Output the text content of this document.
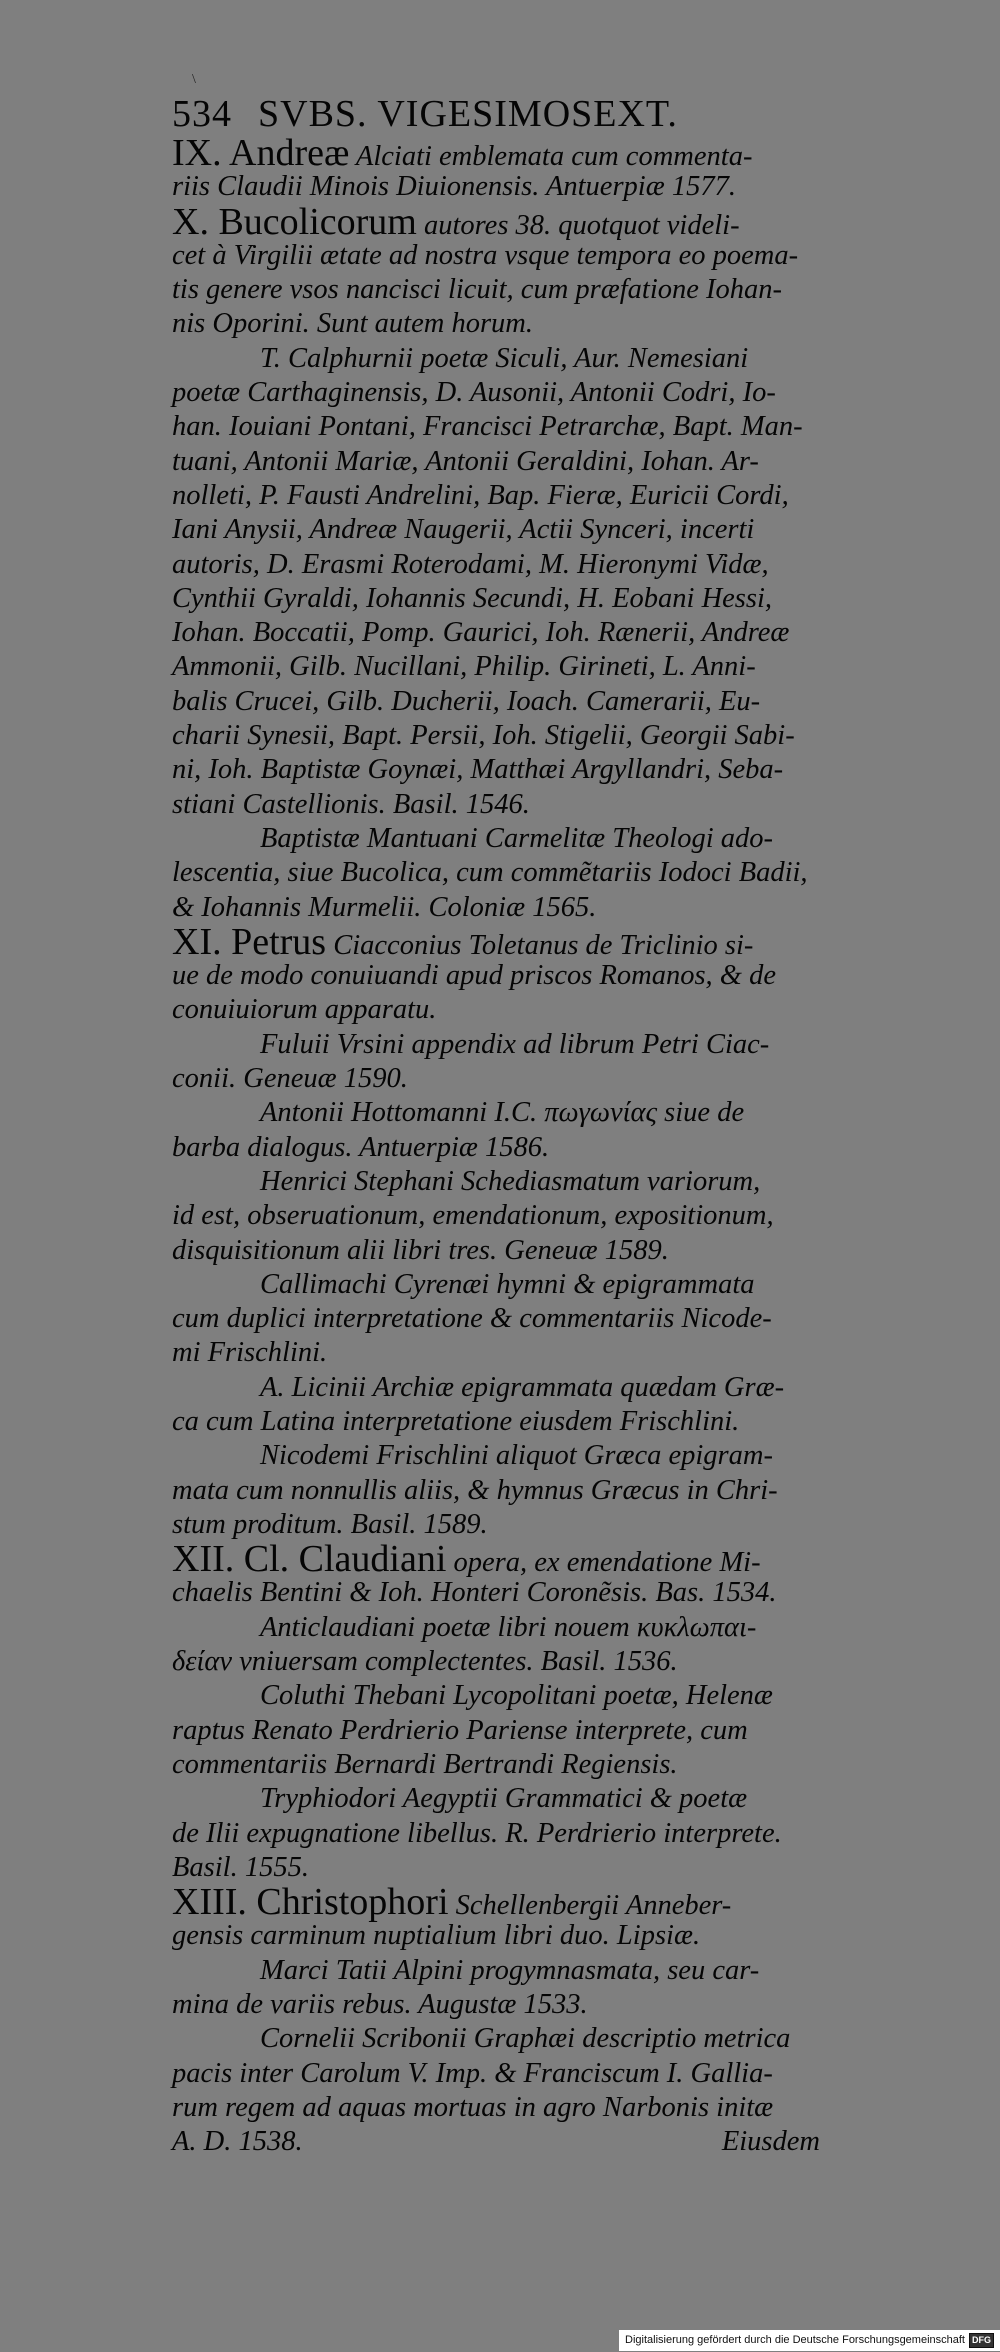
\
534 SVBS. VIGESIMOSEXT.
IX. Andreæ Alciati emblemata cum commenta-
riis Claudii Minois Diuionensis. Antuerpiæ 1577.
X. Bucolicorum autores 38. quotquot videli-
cet à Virgilii ætate ad nostra vsque tempora eo poema-
tis genere vsos nancisci licuit, cum præfatione Iohan-
nis Oporini. Sunt autem horum.
T. Calphurnii poetæ Siculi, Aur. Nemesiani
poetæ Carthaginensis, D. Ausonii, Antonii Codri, Io-
han. Iouiani Pontani, Francisci Petrarchæ, Bapt. Man-
tuani, Antonii Mariæ, Antonii Geraldini, Iohan. Ar-
nolleti, P. Fausti Andrelini, Bap. Fieræ, Euricii Cordi,
Iani Anysii, Andreæ Naugerii, Actii Synceri, incerti
autoris, D. Erasmi Roterodami, M. Hieronymi Vidæ,
Cynthii Gyraldi, Iohannis Secundi, H. Eobani Hessi,
Iohan. Boccatii, Pomp. Gaurici, Ioh. Rænerii, Andreæ
Ammonii, Gilb. Nucillani, Philip. Girineti, L. Anni-
balis Crucei, Gilb. Ducherii, Ioach. Camerarii, Eu-
charii Synesii, Bapt. Persii, Ioh. Stigelii, Georgii Sabi-
ni, Ioh. Baptistæ Goynæi, Matthæi Argyllandri, Seba-
stiani Castellionis. Basil. 1546.
Baptistæ Mantuani Carmelitæ Theologi ado-
lescentia, siue Bucolica, cum commẽtariis Iodoci Badii,
& Iohannis Murmelii. Coloniæ 1565.
XI. Petrus Ciacconius Toletanus de Triclinio si-
ue de modo conuiuandi apud priscos Romanos, & de
conuiuiorum apparatu.
Fuluii Vrsini appendix ad librum Petri Ciac-
conii. Geneuæ 1590.
Antonii Hottomanni I.C. πωγωνίας siue de
barba dialogus. Antuerpiæ 1586.
Henrici Stephani Schediasmatum variorum,
id est, obseruationum, emendationum, expositionum,
disquisitionum alii libri tres. Geneuæ 1589.
Callimachi Cyrenæi hymni & epigrammata
cum duplici interpretatione & commentariis Nicode-
mi Frischlini.
A. Licinii Archiæ epigrammata quædam Græ-
ca cum Latina interpretatione eiusdem Frischlini.
Nicodemi Frischlini aliquot Græca epigram-
mata cum nonnullis aliis, & hymnus Græcus in Chri-
stum proditum. Basil. 1589.
XII. Cl. Claudiani opera, ex emendatione Mi-
chaelis Bentini & Ioh. Honteri Coronẽsis. Bas. 1534.
Anticlaudiani poetæ libri nouem κυκλωπαι-
δείαν vniuersam complectentes. Basil. 1536.
Coluthi Thebani Lycopolitani poetæ, Helenæ
raptus Renato Perdrierio Pariense interprete, cum
commentariis Bernardi Bertrandi Regiensis.
Tryphiodori Aegyptii Grammatici & poetæ
de Ilii expugnatione libellus. R. Perdrierio interprete.
Basil. 1555.
XIII. Christophori Schellenbergii Anneber-
gensis carminum nuptialium libri duo. Lipsiæ.
Marci Tatii Alpini progymnasmata, seu car-
mina de variis rebus. Augustæ 1533.
Cornelii Scribonii Graphæi descriptio metrica
pacis inter Carolum V. Imp. & Franciscum I. Gallia-
rum regem ad aquas mortuas in agro Narbonis initæ
A. D. 1538.	Eiusdem
Digitalisierung gefördert durch die Deutsche Forschungsgemeinschaft DFG
